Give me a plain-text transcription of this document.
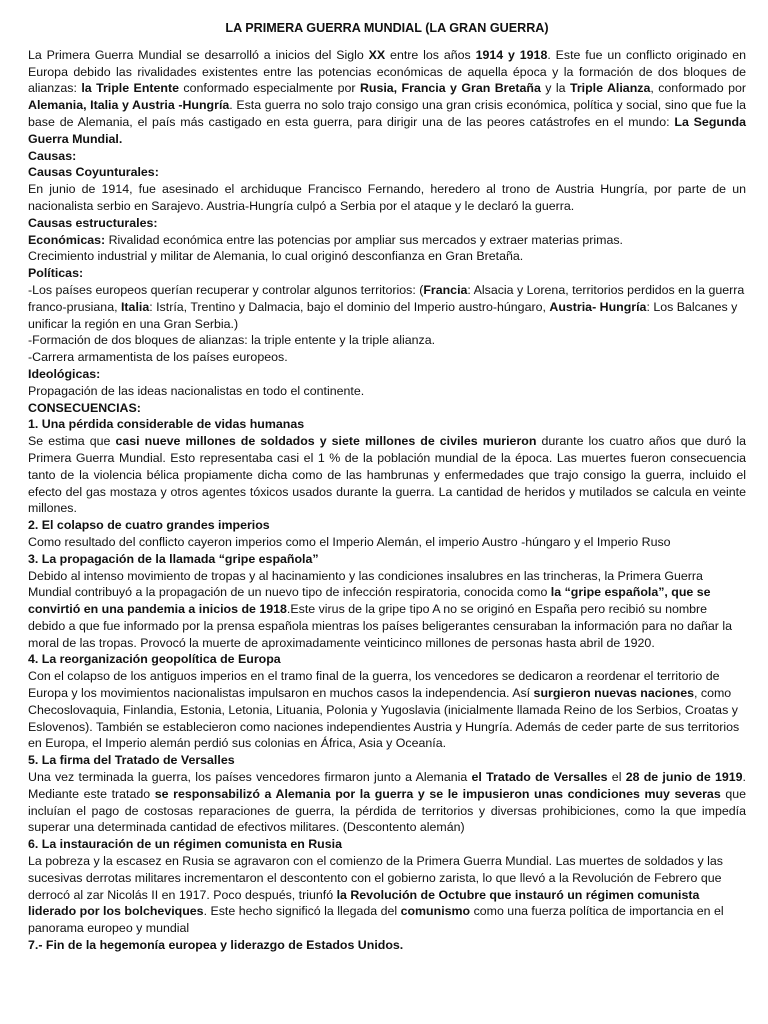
LA PRIMERA GUERRA MUNDIAL (LA GRAN GUERRA)

La Primera Guerra Mundial se desarrolló a inicios del Siglo XX entre los años 1914 y 1918. Este fue un conflicto originado en Europa debido las rivalidades existentes entre las potencias económicas de aquella época y la formación de dos bloques de alianzas: la Triple Entente conformado especialmente por Rusia, Francia y Gran Bretaña y la Triple Alianza, conformado por Alemania, Italia y Austria -Hungría. Esta guerra no solo trajo consigo una gran crisis económica, política y social, sino que fue la base de Alemania, el país más castigado en esta guerra, para dirigir una de las peores catástrofes en el mundo: La Segunda Guerra Mundial.

Causas:

Causas Coyunturales:

En junio de 1914, fue asesinado el archiduque Francisco Fernando, heredero al trono de Austria Hungría, por parte de un nacionalista serbio en Sarajevo. Austria-Hungría culpó a Serbia por el ataque y le declaró la guerra.

Causas estructurales:

Económicas: Rivalidad económica entre las potencias por ampliar sus mercados y extraer materias primas.

Crecimiento industrial y militar de Alemania, lo cual originó desconfianza en Gran Bretaña.

Políticas:

-Los países europeos querían recuperar y controlar algunos territorios: (Francia: Alsacia y Lorena, territorios perdidos en la guerra franco-prusiana, Italia: Istría, Trentino y Dalmacia, bajo el dominio del Imperio austro-húngaro, Austria- Hungría: Los Balcanes y unificar la región en una Gran Serbia.)

-Formación de dos bloques de alianzas: la triple entente y la triple alianza.

-Carrera armamentista de los países europeos.

Ideológicas:

Propagación de las ideas nacionalistas en todo el continente.

CONSECUENCIAS:

1. Una pérdida considerable de vidas humanas

Se estima que casi nueve millones de soldados y siete millones de civiles murieron durante los cuatro años que duró la Primera Guerra Mundial. Esto representaba casi el 1 % de la población mundial de la época. Las muertes fueron consecuencia tanto de la violencia bélica propiamente dicha como de las hambrunas y enfermedades que trajo consigo la guerra, incluido el efecto del gas mostaza y otros agentes tóxicos usados durante la guerra. La cantidad de heridos y mutilados se calcula en veinte millones.

2. El colapso de cuatro grandes imperios

Como resultado del conflicto cayeron imperios como el Imperio Alemán, el imperio Austro -húngaro y el Imperio Ruso

3. La propagación de la llamada “gripe española”

Debido al intenso movimiento de tropas y al hacinamiento y las condiciones insalubres en las trincheras, la Primera Guerra Mundial contribuyó a la propagación de un nuevo tipo de infección respiratoria, conocida como la “gripe española”, que se convirtió en una pandemia a inicios de 1918.Este virus de la gripe tipo A no se originó en España pero recibió su nombre debido a que fue informado por la prensa española mientras los países beligerantes censuraban la información para no dañar la moral de las tropas. Provocó la muerte de aproximadamente veinticinco millones de personas hasta abril de 1920.

4. La reorganización geopolítica de Europa

Con el colapso de los antiguos imperios en el tramo final de la guerra, los vencedores se dedicaron a reordenar el territorio de Europa y los movimientos nacionalistas impulsaron en muchos casos la independencia. Así surgieron nuevas naciones, como Checoslovaquia, Finlandia, Estonia, Letonia, Lituania, Polonia y Yugoslavia (inicialmente llamada Reino de los Serbios, Croatas y Eslovenos). También se establecieron como naciones independientes Austria y Hungría. Además de ceder parte de sus territorios en Europa, el Imperio alemán perdió sus colonias en África, Asia y Oceanía.

5. La firma del Tratado de Versalles

Una vez terminada la guerra, los países vencedores firmaron junto a Alemania el Tratado de Versalles el 28 de junio de 1919. Mediante este tratado se responsabilizó a Alemania por la guerra y se le impusieron unas condiciones muy severas que incluían el pago de costosas reparaciones de guerra, la pérdida de territorios y diversas prohibiciones, como la que impedía superar una determinada cantidad de efectivos militares. (Descontento alemán)

6. La instauración de un régimen comunista en Rusia

La pobreza y la escasez en Rusia se agravaron con el comienzo de la Primera Guerra Mundial. Las muertes de soldados y las sucesivas derrotas militares incrementaron el descontento con el gobierno zarista, lo que llevó a la Revolución de Febrero que derrocó al zar Nicolás II en 1917. Poco después, triunfó la Revolución de Octubre que instauró un régimen comunista liderado por los bolcheviques. Este hecho significó la llegada del comunismo como una fuerza política de importancia en el panorama europeo y mundial

7.- Fin de la hegemonía europea y liderazgo de Estados Unidos.
